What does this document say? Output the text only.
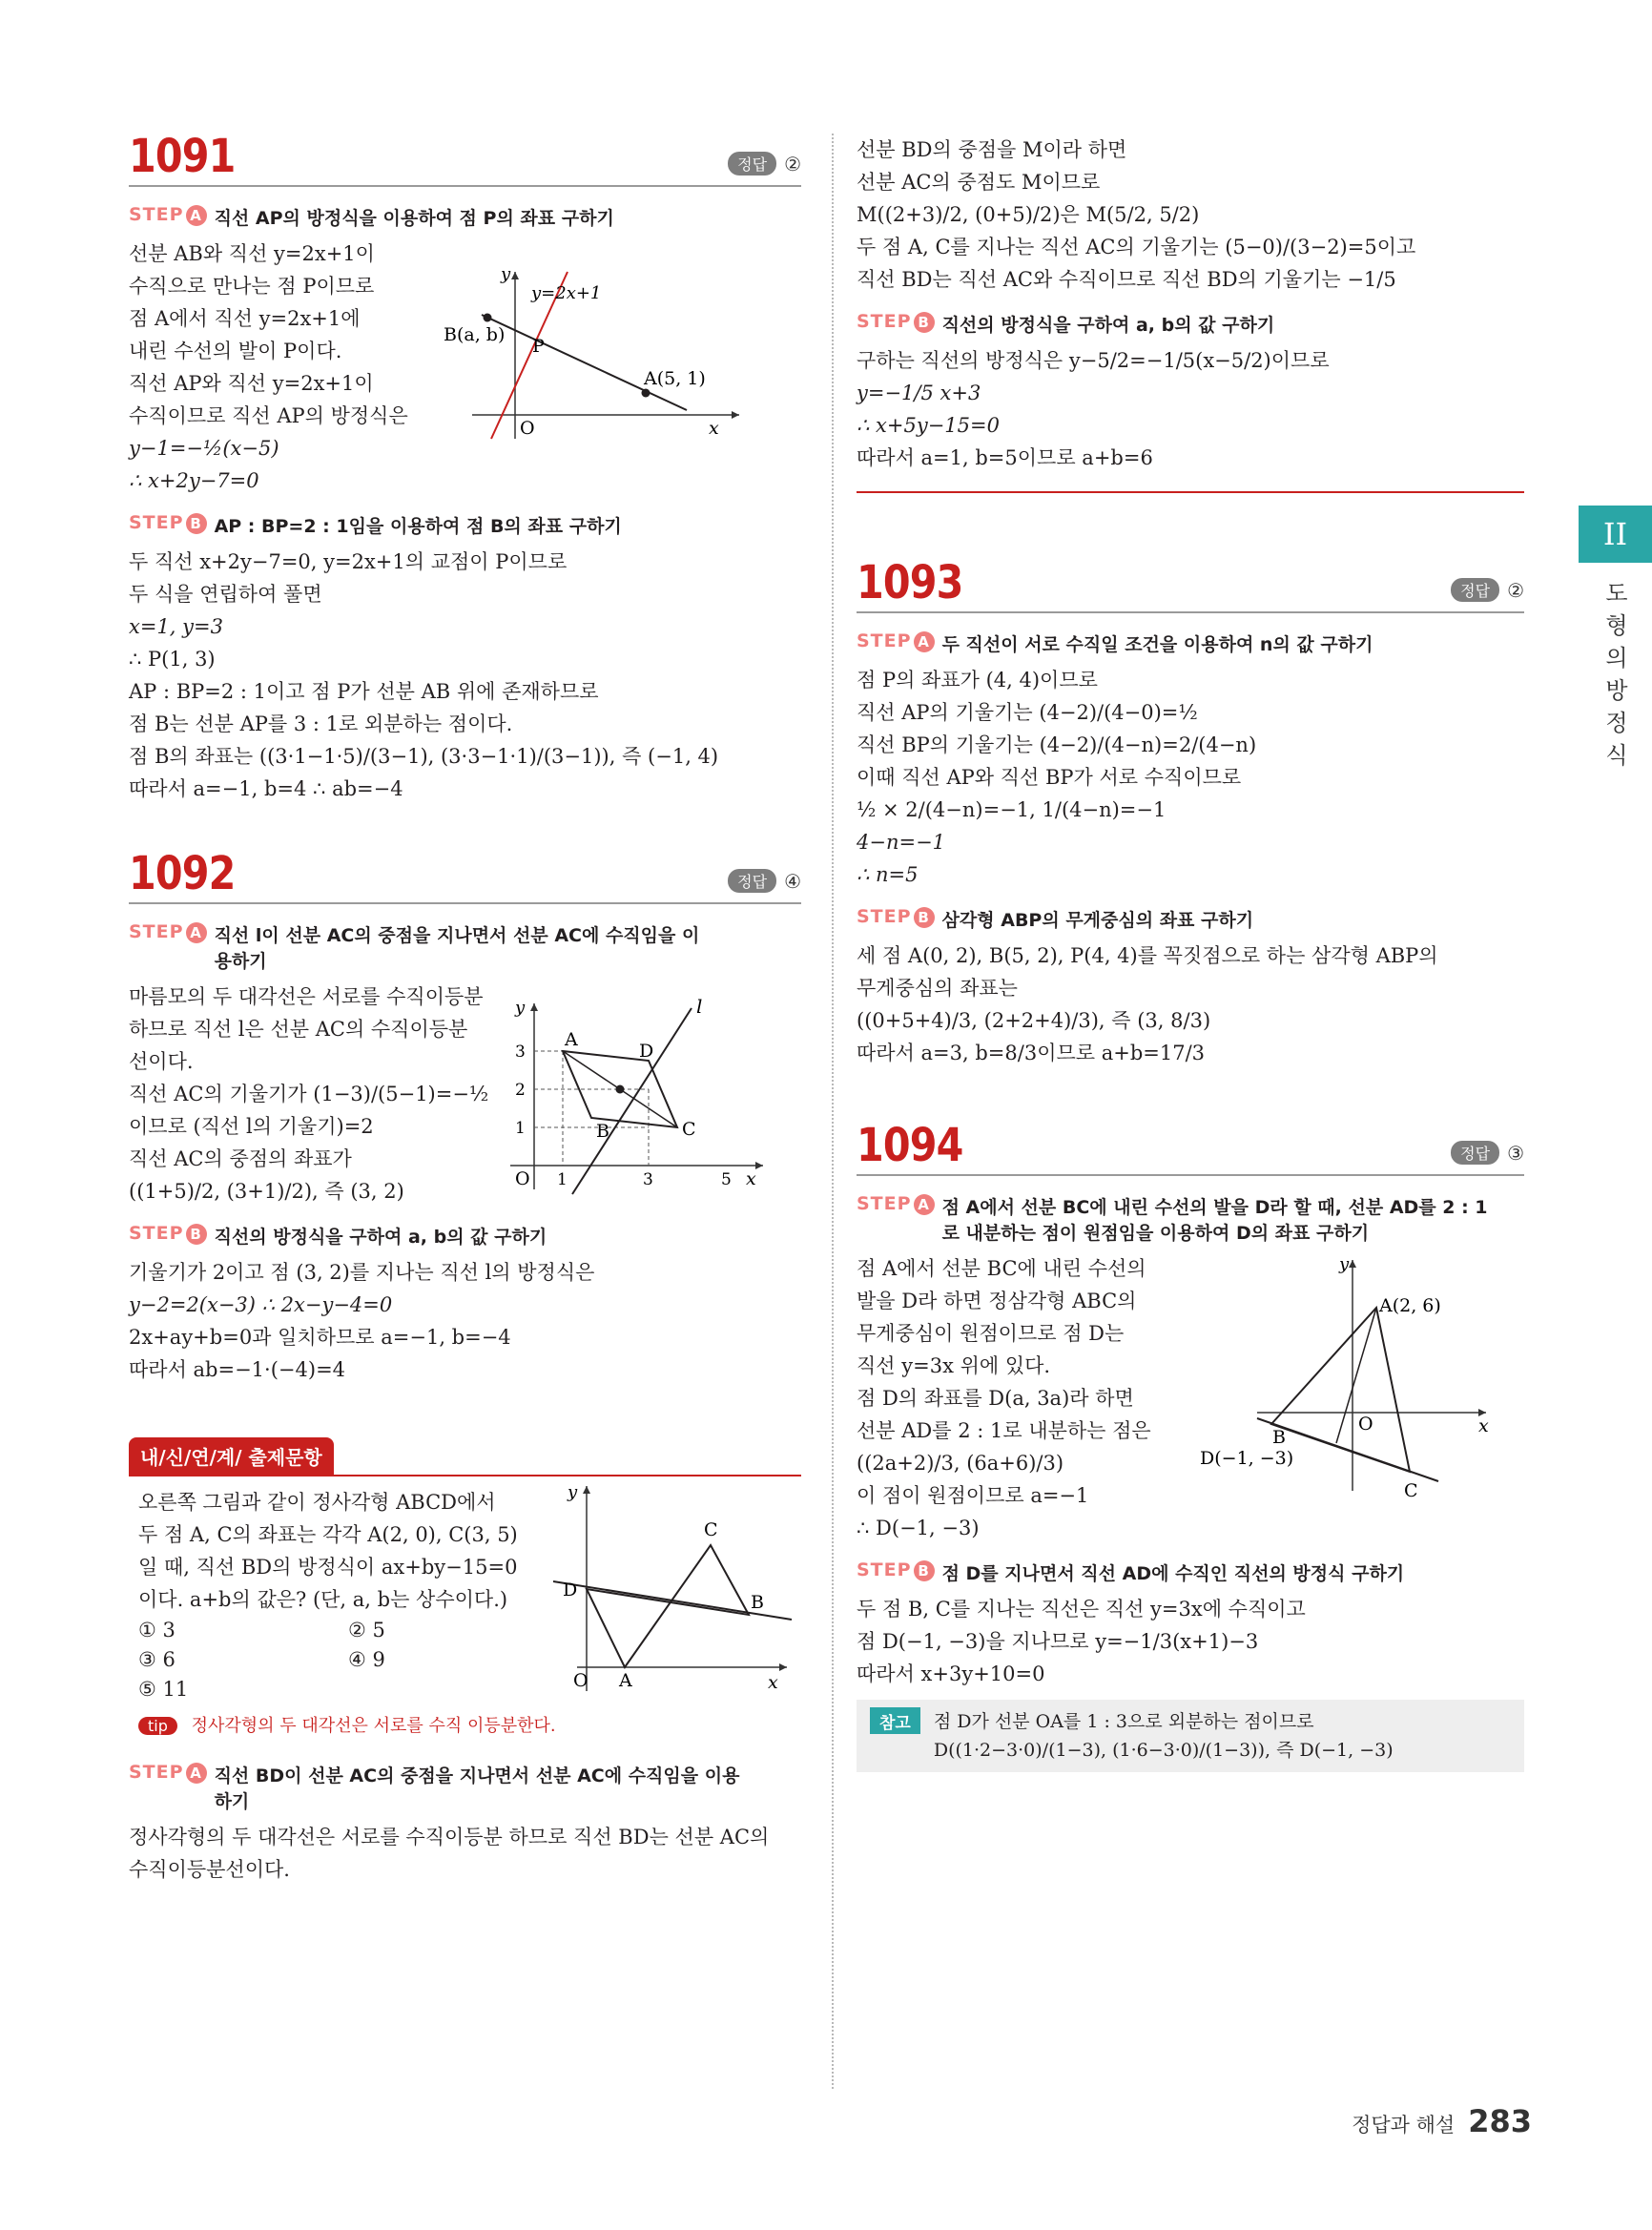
1091	정답 ②
STEP A 직선 AP의 방정식을 이용하여 점 P의 좌표 구하기

선분 AB와 직선 y=2x+1이

수직으로 만나는 점 P이므로

점 A에서 직선 y=2x+1에

내린 수선의 발이 P이다.

직선 AP와 직선 y=2x+1이

수직이므로 직선 AP의 방정식은

y−1=−½(x−5)

∴ x+2y−7=0

y
y=2x+1
B(a, b)
P
A(5, 1)
O	x
STEP B AP : BP=2 : 1임을 이용하여 점 B의 좌표 구하기

두 직선 x+2y−7=0, y=2x+1의 교점이 P이므로

두 식을 연립하여 풀면

x=1, y=3

∴ P(1, 3)

AP : BP=2 : 1이고 점 P가 선분 AB 위에 존재하므로

점 B는 선분 AP를 3 : 1로 외분하는 점이다.

점 B의 좌표는 ((3·1−1·5)/(3−1), (3·3−1·1)/(3−1)), 즉 (−1, 4)

따라서 a=−1, b=4 ∴ ab=−4

1092	정답 ④
STEP A 직선 l이 선분 AC의 중점을 지나면서 선분 AC에 수직임을 이용하기

마름모의 두 대각선은 서로를 수직이등분

하므로 직선 l은 선분 AC의 수직이등분

선이다.

직선 AC의 기울기가 (1−3)/(5−1)=−½

이므로 (직선 l의 기울기)=2

직선 AC의 중점의 좌표가

((1+5)/2, (3+1)/2), 즉 (3, 2)

y	l
A
D
B	C
O	x
1	3	5
3
2
1
STEP B 직선의 방정식을 구하여 a, b의 값 구하기

기울기가 2이고 점 (3, 2)를 지나는 직선 l의 방정식은

y−2=2(x−3) ∴ 2x−y−4=0

2x+ay+b=0과 일치하므로 a=−1, b=−4

따라서 ab=−1·(−4)=4

내/신/연/계/ 출제문항

오른쪽 그림과 같이 정사각형 ABCD에서

두 점 A, C의 좌표는 각각 A(2, 0), C(3, 5)

일 때, 직선 BD의 방정식이 ax+by−15=0

이다. a+b의 값은? (단, a, b는 상수이다.)

① 3	② 5
③ 6	④ 9
⑤ 11
y
C
D
B
O A	x
tip 정사각형의 두 대각선은 서로를 수직 이등분한다.
STEP A 직선 BD이 선분 AC의 중점을 지나면서 선분 AC에 수직임을 이용하기

정사각형의 두 대각선은 서로를 수직이등분 하므로 직선 BD는 선분 AC의

수직이등분선이다.

선분 BD의 중점을 M이라 하면

선분 AC의 중점도 M이므로

M((2+3)/2, (0+5)/2)은 M(5/2, 5/2)

두 점 A, C를 지나는 직선 AC의 기울기는 (5−0)/(3−2)=5이고

직선 BD는 직선 AC와 수직이므로 직선 BD의 기울기는 −1/5

STEP B 직선의 방정식을 구하여 a, b의 값 구하기

구하는 직선의 방정식은 y−5/2=−1/5(x−5/2)이므로

y=−1/5 x+3

∴ x+5y−15=0

따라서 a=1, b=5이므로 a+b=6

1093	정답 ②
STEP A 두 직선이 서로 수직일 조건을 이용하여 n의 값 구하기

점 P의 좌표가 (4, 4)이므로

직선 AP의 기울기는 (4−2)/(4−0)=½

직선 BP의 기울기는 (4−2)/(4−n)=2/(4−n)

이때 직선 AP와 직선 BP가 서로 수직이므로

½ × 2/(4−n)=−1, 1/(4−n)=−1

4−n=−1

∴ n=5

STEP B 삼각형 ABP의 무게중심의 좌표 구하기

세 점 A(0, 2), B(5, 2), P(4, 4)를 꼭짓점으로 하는 삼각형 ABP의

무게중심의 좌표는

((0+5+4)/3, (2+2+4)/3), 즉 (3, 8/3)

따라서 a=3, b=8/3이므로 a+b=17/3

1094	정답 ③
STEP A 점 A에서 선분 BC에 내린 수선의 발을 D라 할 때, 선분 AD를 2 : 1로 내분하는 점이 원점임을 이용하여 D의 좌표 구하기

점 A에서 선분 BC에 내린 수선의

발을 D라 하면 정삼각형 ABC의

무게중심이 원점이므로 점 D는

직선 y=3x 위에 있다.

점 D의 좌표를 D(a, 3a)라 하면

선분 AD를 2 : 1로 내분하는 점은

((2a+2)/3, (6a+6)/3)

이 점이 원점이므로 a=−1

∴ D(−1, −3)

y
A(2, 6)
B
O	x
D(−1, −3)
C
STEP B 점 D를 지나면서 직선 AD에 수직인 직선의 방정식 구하기

두 점 B, C를 지나는 직선은 직선 y=3x에 수직이고

점 D(−1, −3)을 지나므로 y=−1/3(x+1)−3

따라서 x+3y+10=0

참고	점 D가 선분 OA를 1 : 3으로 외분하는 점이므로

D((1·2−3·0)/(1−3), (1·6−3·0)/(1−3)), 즉 D(−1, −3)

II
도형의 방정식
정답과 해설 283
